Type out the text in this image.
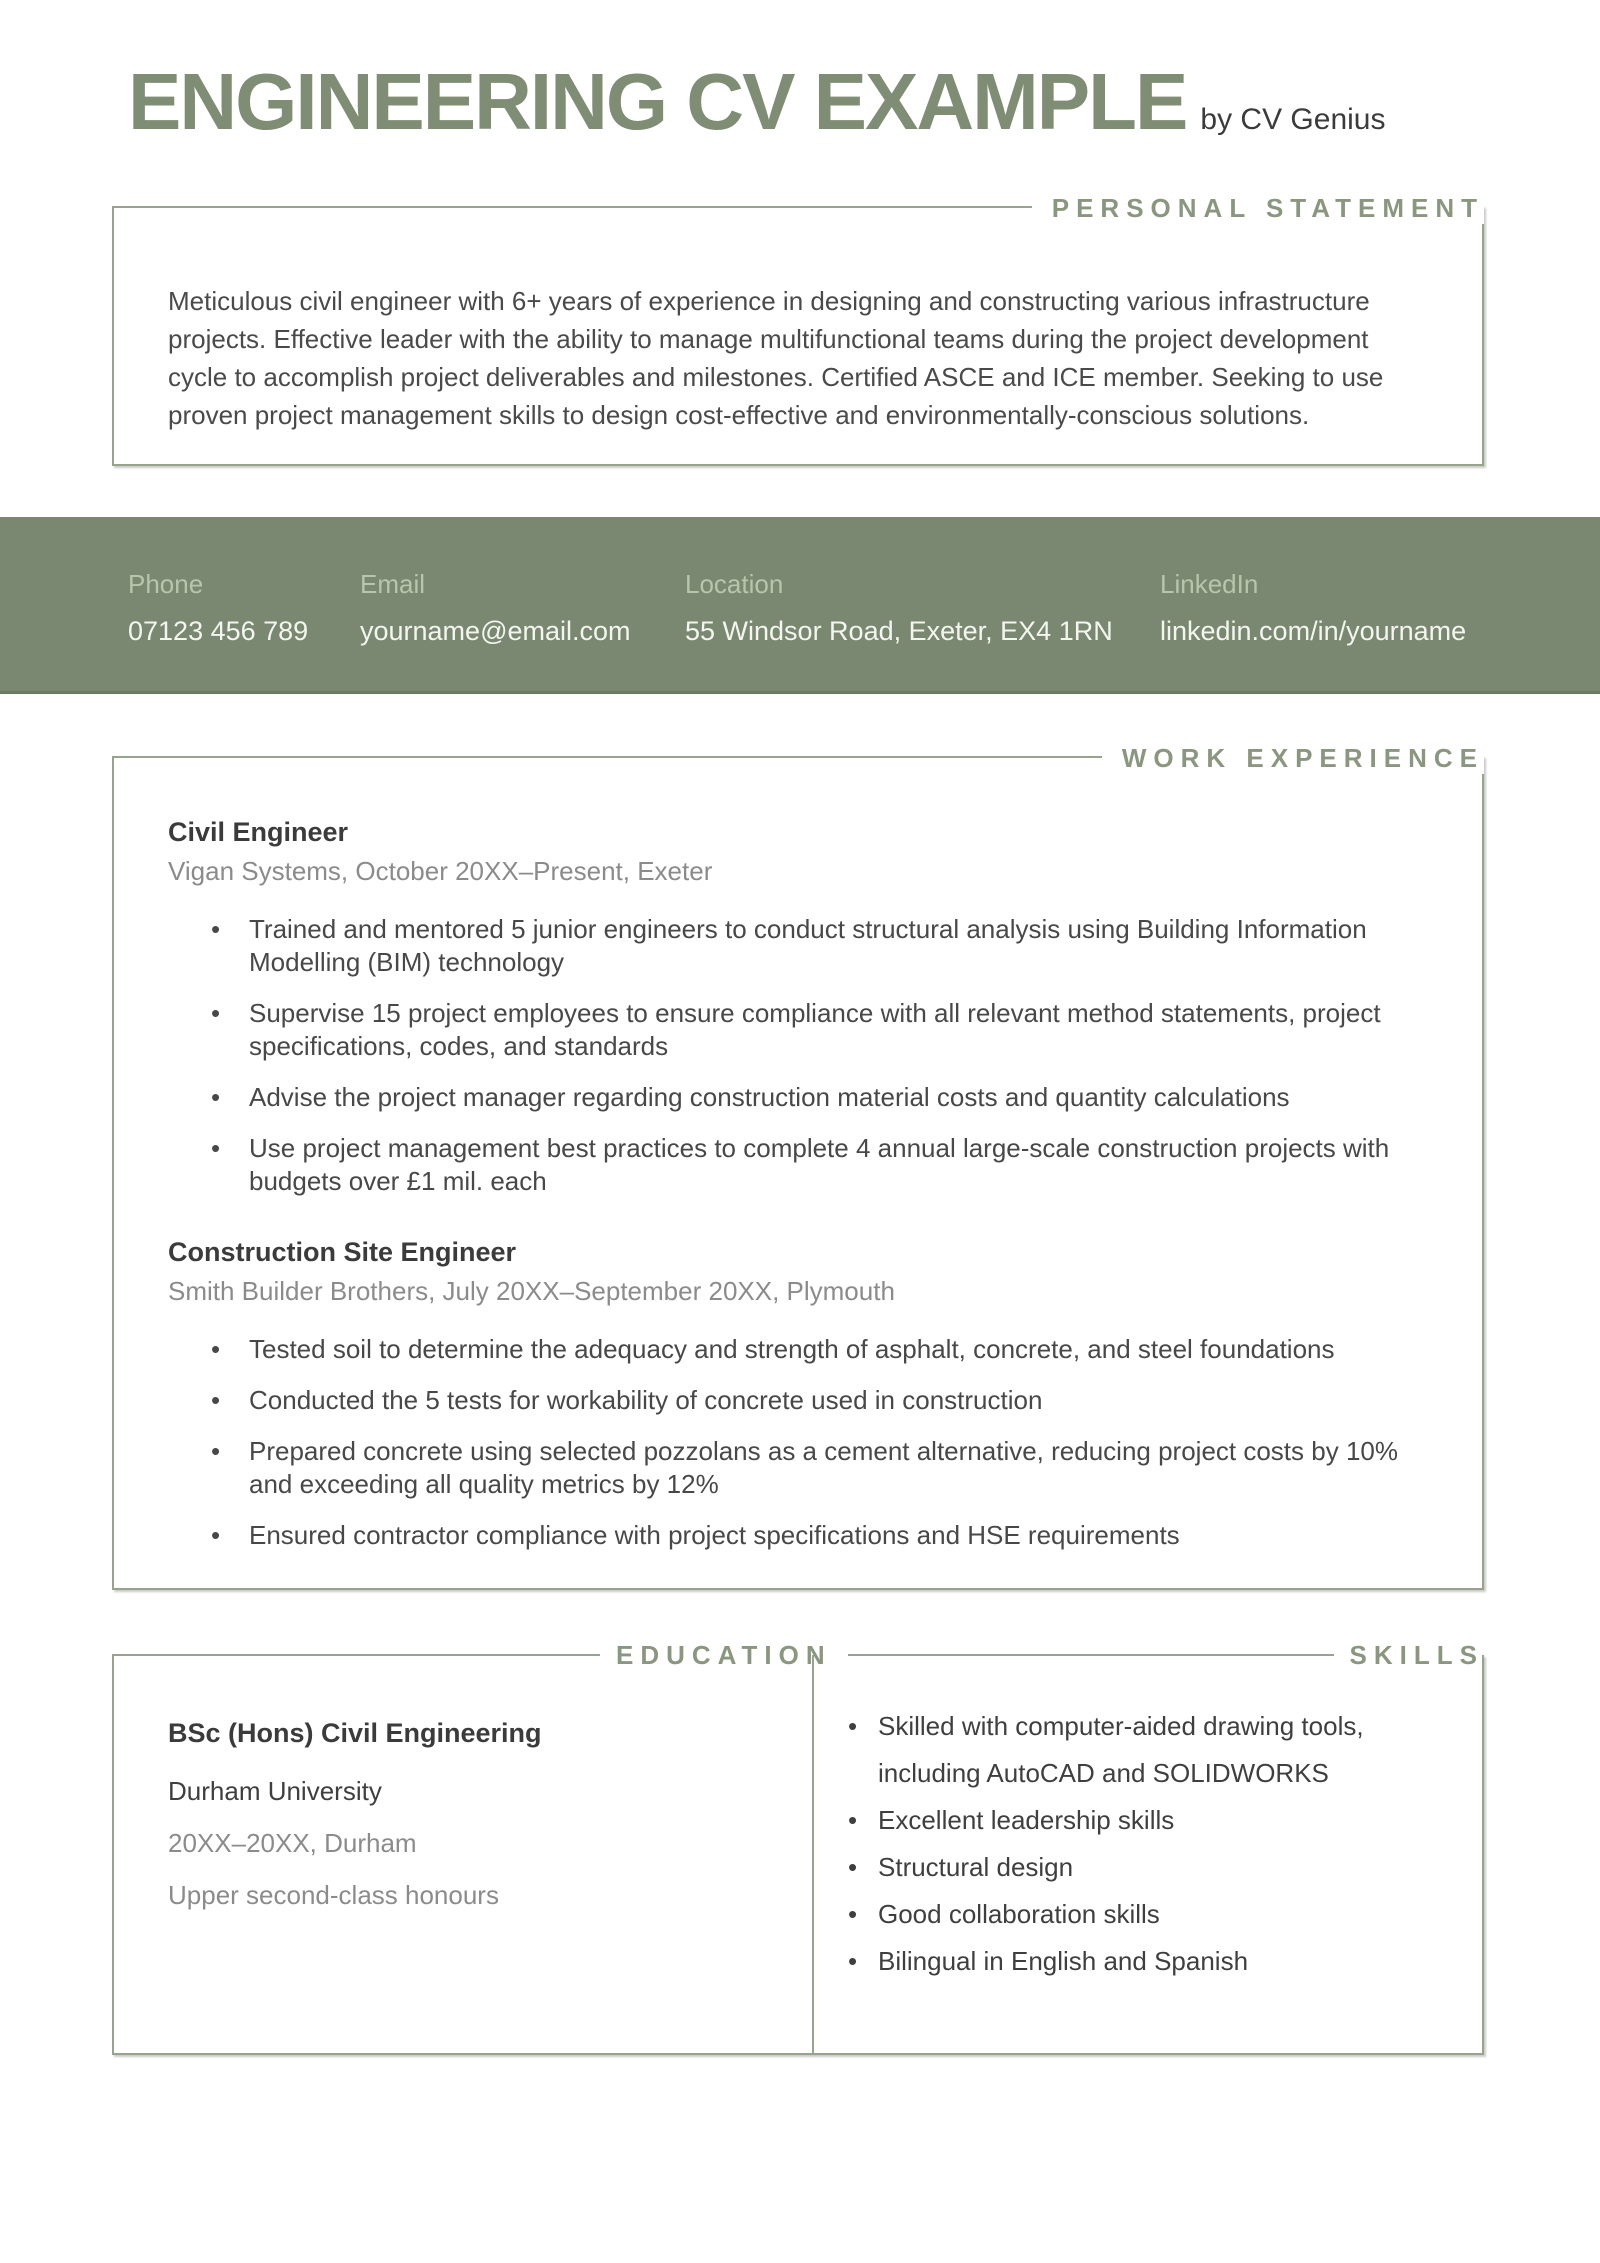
ENGINEERING CV EXAMPLE by CV Genius
PERSONAL STATEMENT

Meticulous civil engineer with 6+ years of experience in designing and constructing various infrastructure projects. Effective leader with the ability to manage multifunctional teams during the project development cycle to accomplish project deliverables and milestones. Certified ASCE and ICE member. Seeking to use proven project management skills to design cost-effective and environmentally-conscious solutions.

Phone
07123 456 789
Email
yourname@email.com
Location
55 Windsor Road, Exeter, EX4 1RN
LinkedIn
linkedin.com/in/yourname
WORK EXPERIENCE
Civil Engineer
Vigan Systems, October 20XX–Present, Exeter
• Trained and mentored 5 junior engineers to conduct structural analysis using Building Information Modelling (BIM) technology
• Supervise 15 project employees to ensure compliance with all relevant method statements, project specifications, codes, and standards
• Advise the project manager regarding construction material costs and quantity calculations
• Use project management best practices to complete 4 annual large-scale construction projects with budgets over £1 mil. each
Construction Site Engineer
Smith Builder Brothers, July 20XX–September 20XX, Plymouth
• Tested soil to determine the adequacy and strength of asphalt, concrete, and steel foundations
• Conducted the 5 tests for workability of concrete used in construction
• Prepared concrete using selected pozzolans as a cement alternative, reducing project costs by 10% and exceeding all quality metrics by 12%
• Ensured contractor compliance with project specifications and HSE requirements
EDUCATION	SKILLS
BSc (Hons) Civil Engineering
Durham University
20XX–20XX, Durham
Upper second-class honours
• Skilled with computer-aided drawing tools, including AutoCAD and SOLIDWORKS
• Excellent leadership skills
• Structural design
• Good collaboration skills
• Bilingual in English and Spanish
